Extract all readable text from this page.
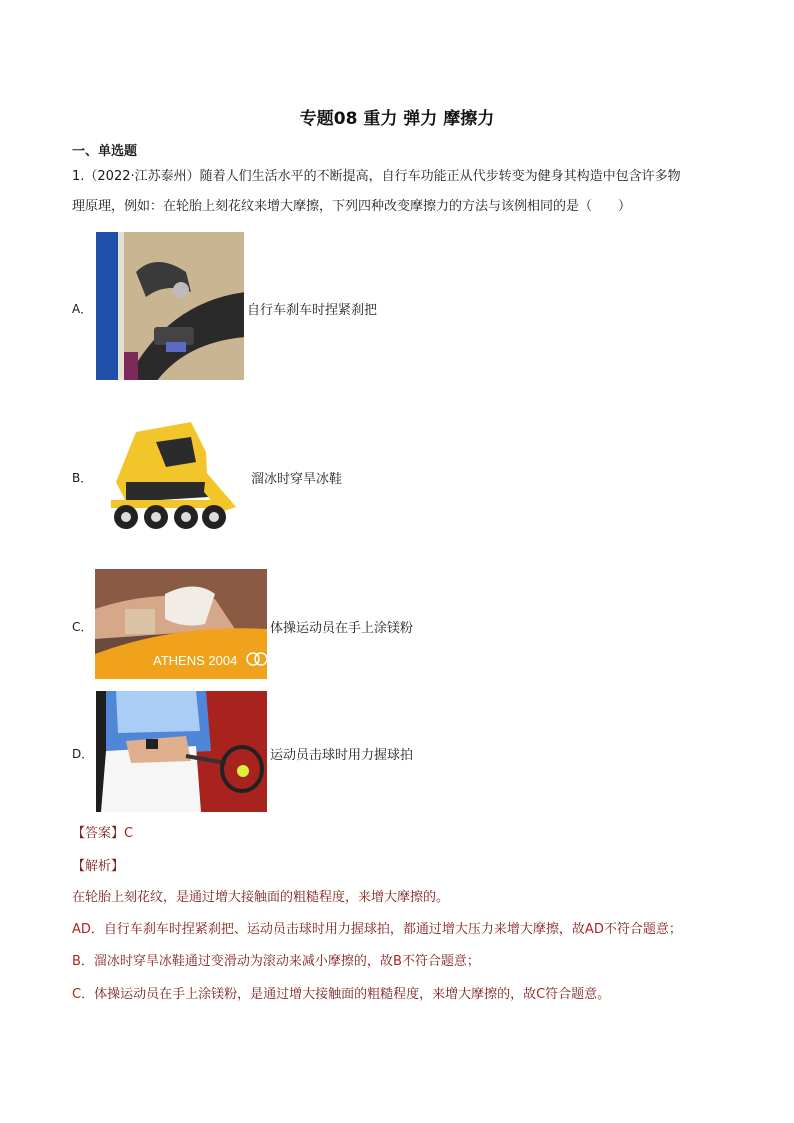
专题08 重力 弹力 摩擦力
一、单选题
1.（2022·江苏泰州）随着人们生活水平的不断提高，自行车功能正从代步转变为健身其构造中包含许多物
理原理，例如：在轮胎上刻花纹来增大摩擦，下列四种改变摩擦力的方法与该例相同的是（　　）
A．	自行车刹车时捏紧刹把
B．	溜冰时穿旱冰鞋
C．
ATHENS 2004
体操运动员在手上涂镁粉
D．	运动员击球时用力握球拍
【答案】C
【解析】
在轮胎上刻花纹，是通过增大接触面的粗糙程度，来增大摩擦的。
AD．自行车刹车时捏紧刹把、运动员击球时用力握球拍，都通过增大压力来增大摩擦，故AD不符合题意；
B．溜冰时穿旱冰鞋通过变滑动为滚动来减小摩擦的，故B不符合题意；
C．体操运动员在手上涂镁粉，是通过增大接触面的粗糙程度，来增大摩擦的，故C符合题意。
